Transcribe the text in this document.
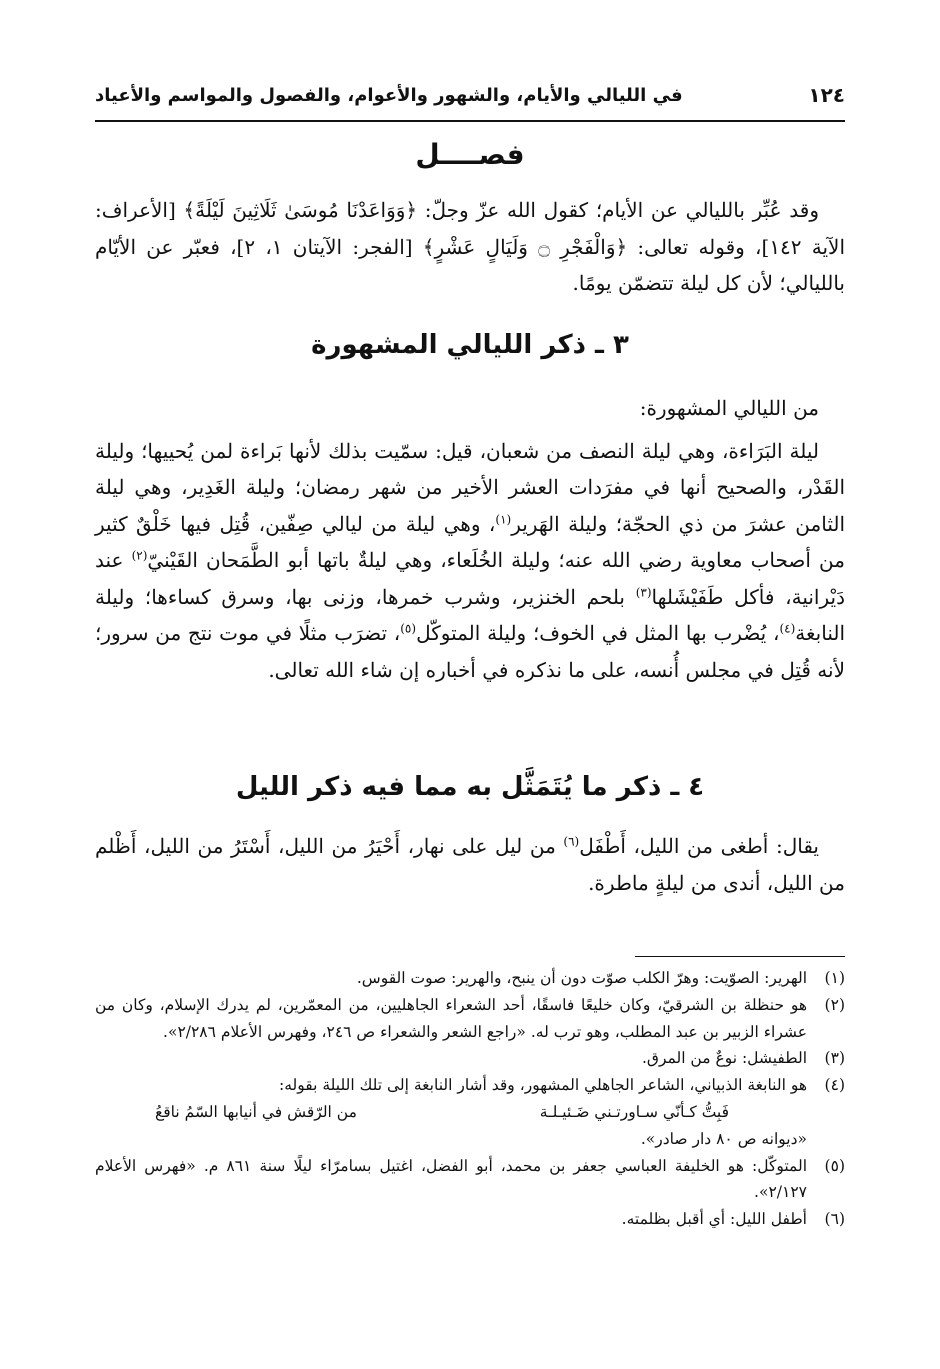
١٢٤
في الليالي والأيام، والشهور والأعوام، والفصول والمواسم والأعياد
فصــــل

وقد عُبِّر بالليالي عن الأيام؛ كقول الله عزّ وجلّ: ﴿وَوَاعَدْنَا مُوسَىٰ ثَلَاثِينَ لَيْلَةً﴾ [الأعراف: الآية ١٤٢]، وقوله تعالى: ﴿وَالْفَجْرِ ۝ وَلَيَالٍ عَشْرٍ﴾ [الفجر: الآيتان ١، ٢]، فعبّر عن الأيّام بالليالي؛ لأن كل ليلة تتضمّن يومًا.

٣ ـ ذكر الليالي المشهورة

من الليالي المشهورة:

ليلة البَرَاءة، وهي ليلة النصف من شعبان، قيل: سمّيت بذلك لأنها بَراءة لمن يُحييها؛ وليلة القَدْر، والصحيح أنها في مفرَدات العشر الأخير من شهر رمضان؛ وليلة الغَدِير، وهي ليلة الثامن عشرَ من ذي الحجّة؛ وليلة الهَرير$^{(١)}$، وهي ليلة من ليالي صِفّين، قُتِل فيها خَلْقٌ كثير من أصحاب معاوية رضي الله عنه؛ وليلة الخُلَعاء، وهي ليلةٌ باتها أبو الطَّمَحان القَيْنيّ$^{(٢)}$ عند دَيْرانية، فأكل طَفَيْشَلها$^{(٣)}$ بلحم الخنزير، وشرب خمرها، وزنى بها، وسرق كساءها؛ وليلة النابغة$^{(٤)}$، يُضْرب بها المثل في الخوف؛ وليلة المتوكّل$^{(٥)}$، تضرَب مثلًا في موت نتج من سرور؛ لأنه قُتِل في مجلس أُنسه، على ما نذكره في أخباره إن شاء الله تعالى.

٤ ـ ذكر ما يُتَمَثَّل به مما فيه ذكر الليل

يقال: أطغى من الليل، أَطْفَل$^{(٦)}$ من ليل على نهار، أَحْيَرُ من الليل، أَسْتَرُ من الليل، أَظْلم من الليل، أندى من ليلةٍ ماطرة.

(١)
الهرير: الصوّيت: وهرّ الكلب صوّت دون أن ينبح، والهرير: صوت القوس.
(٢)
هو حنظلة بن الشرقيّ، وكان خليعًا فاسقًا، أحد الشعراء الجاهليين، من المعمّرين، لم يدرك الإسلام، وكان من عشراء الزبير بن عبد المطلب، وهو ترب له. «راجع الشعر والشعراء ص ٢٤٦، وفهرس الأعلام ٢/٢٨٦».
(٣)
الطفيشل: نوعٌ من المرق.
(٤)
هو النابغة الذبياني، الشاعر الجاهلي المشهور، وقد أشار النابغة إلى تلك الليلة بقوله:
فَبِتُّ كـأنّي سـاورتـني ضَـئيـلـة
من الرّقش في أنيابها السّمُ ناقعُ
«ديوانه ص ٨٠ دار صادر».
(٥)
المتوكّل: هو الخليفة العباسي جعفر بن محمد، أبو الفضل، اغتيل بسامرّاء ليلًا سنة ٨٦١ م. «فهرس الأعلام ٢/١٢٧».
(٦)
أطفل الليل: أي أقبل بظلمته.
